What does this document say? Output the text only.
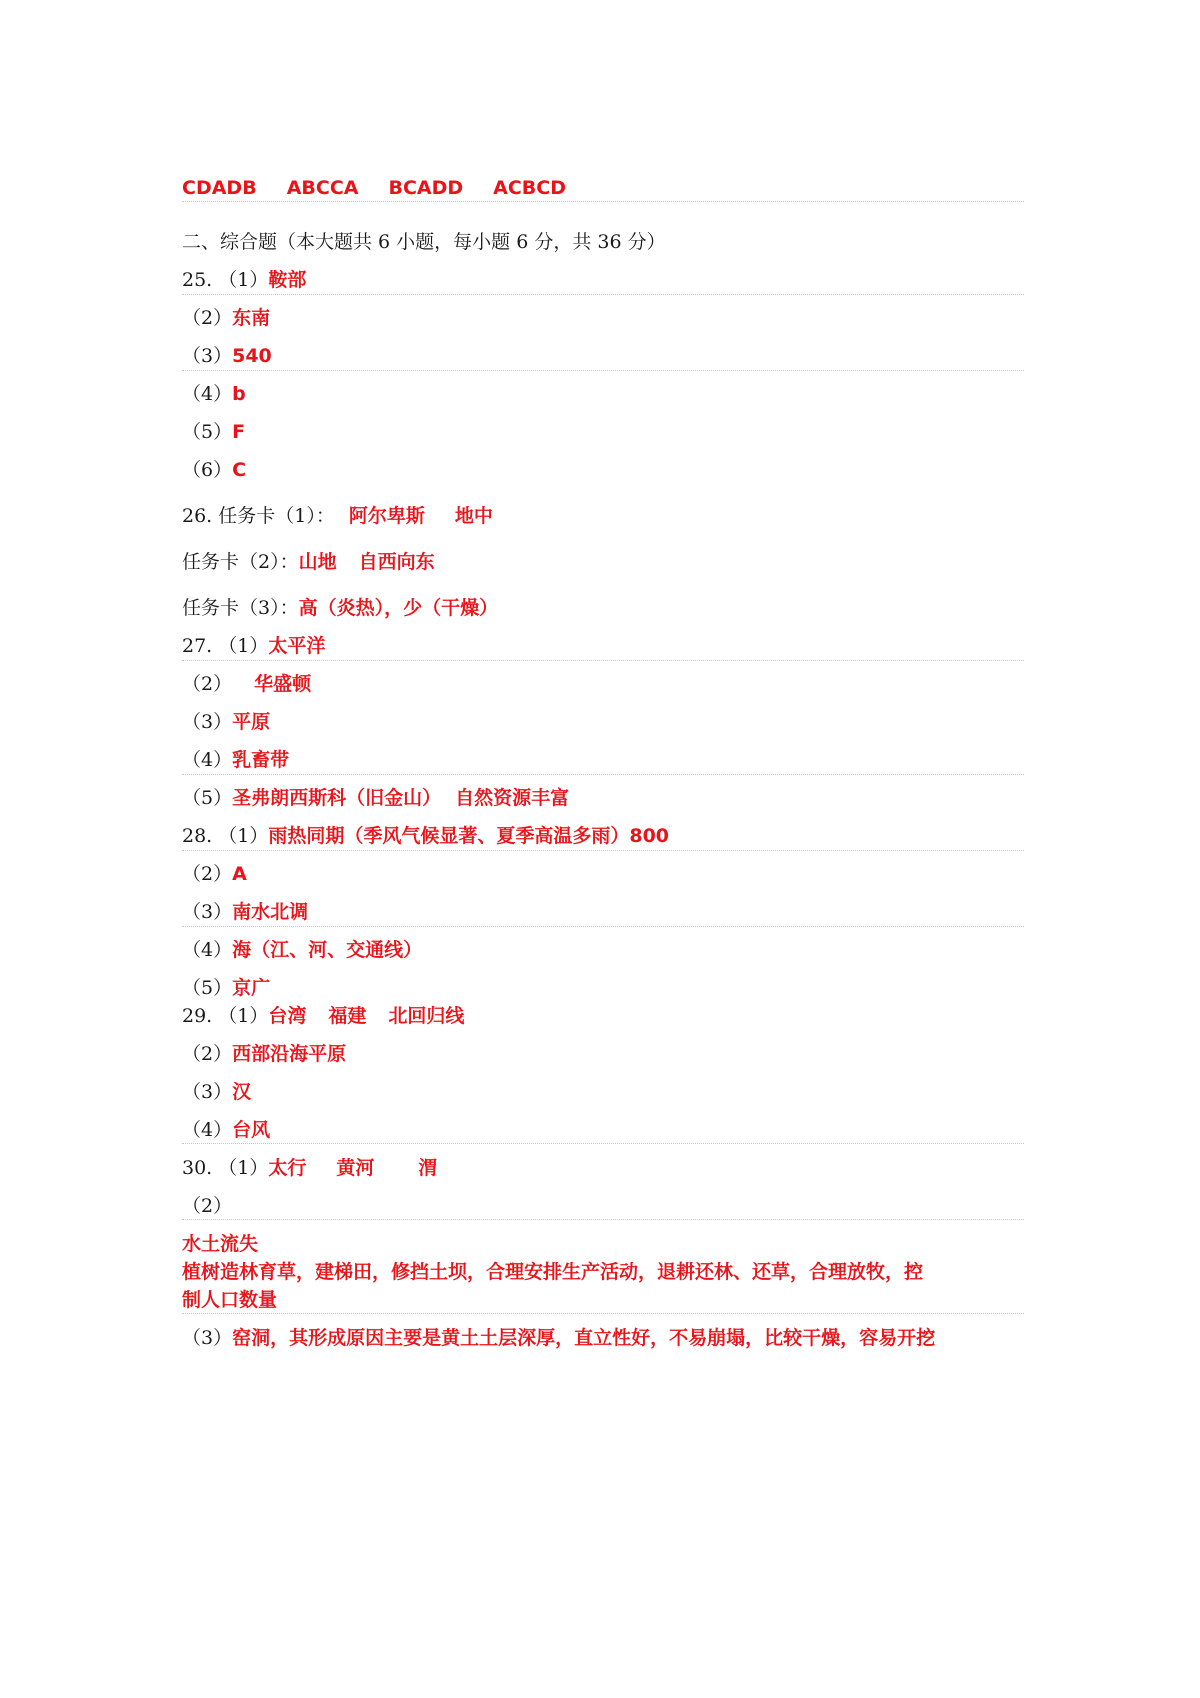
CDADB ABCCA BCADD ACBCD
二、综合题（本大题共 6 小题，每小题 6 分，共 36 分）
25. （1）鞍部
（2）东南
（3）540
（4）b
（5）F
（6）C
26. 任务卡（1）： 阿尔卑斯 地中
任务卡（2）：山地 自西向东
任务卡（3）：高（炎热），少（干燥）
27. （1）太平洋
（2） 华盛顿
（3）平原
（4）乳畜带
（5）圣弗朗西斯科（旧金山） 自然资源丰富
28. （1）雨热同期（季风气候显著、夏季高温多雨）800
（2）A
（3）南水北调
（4）海（江、河、交通线）
（5）京广
29. （1）台湾 福建 北回归线
（2）西部沿海平原
（3）汉
（4）台风
30. （1）太行 黄河 渭
（2）
水土流失
植树造林育草，建梯田，修挡土坝，合理安排生产活动，退耕还林、还草，合理放牧，控
制人口数量
（3）窑洞，其形成原因主要是黄土土层深厚，直立性好，不易崩塌，比较干燥，容易开挖
